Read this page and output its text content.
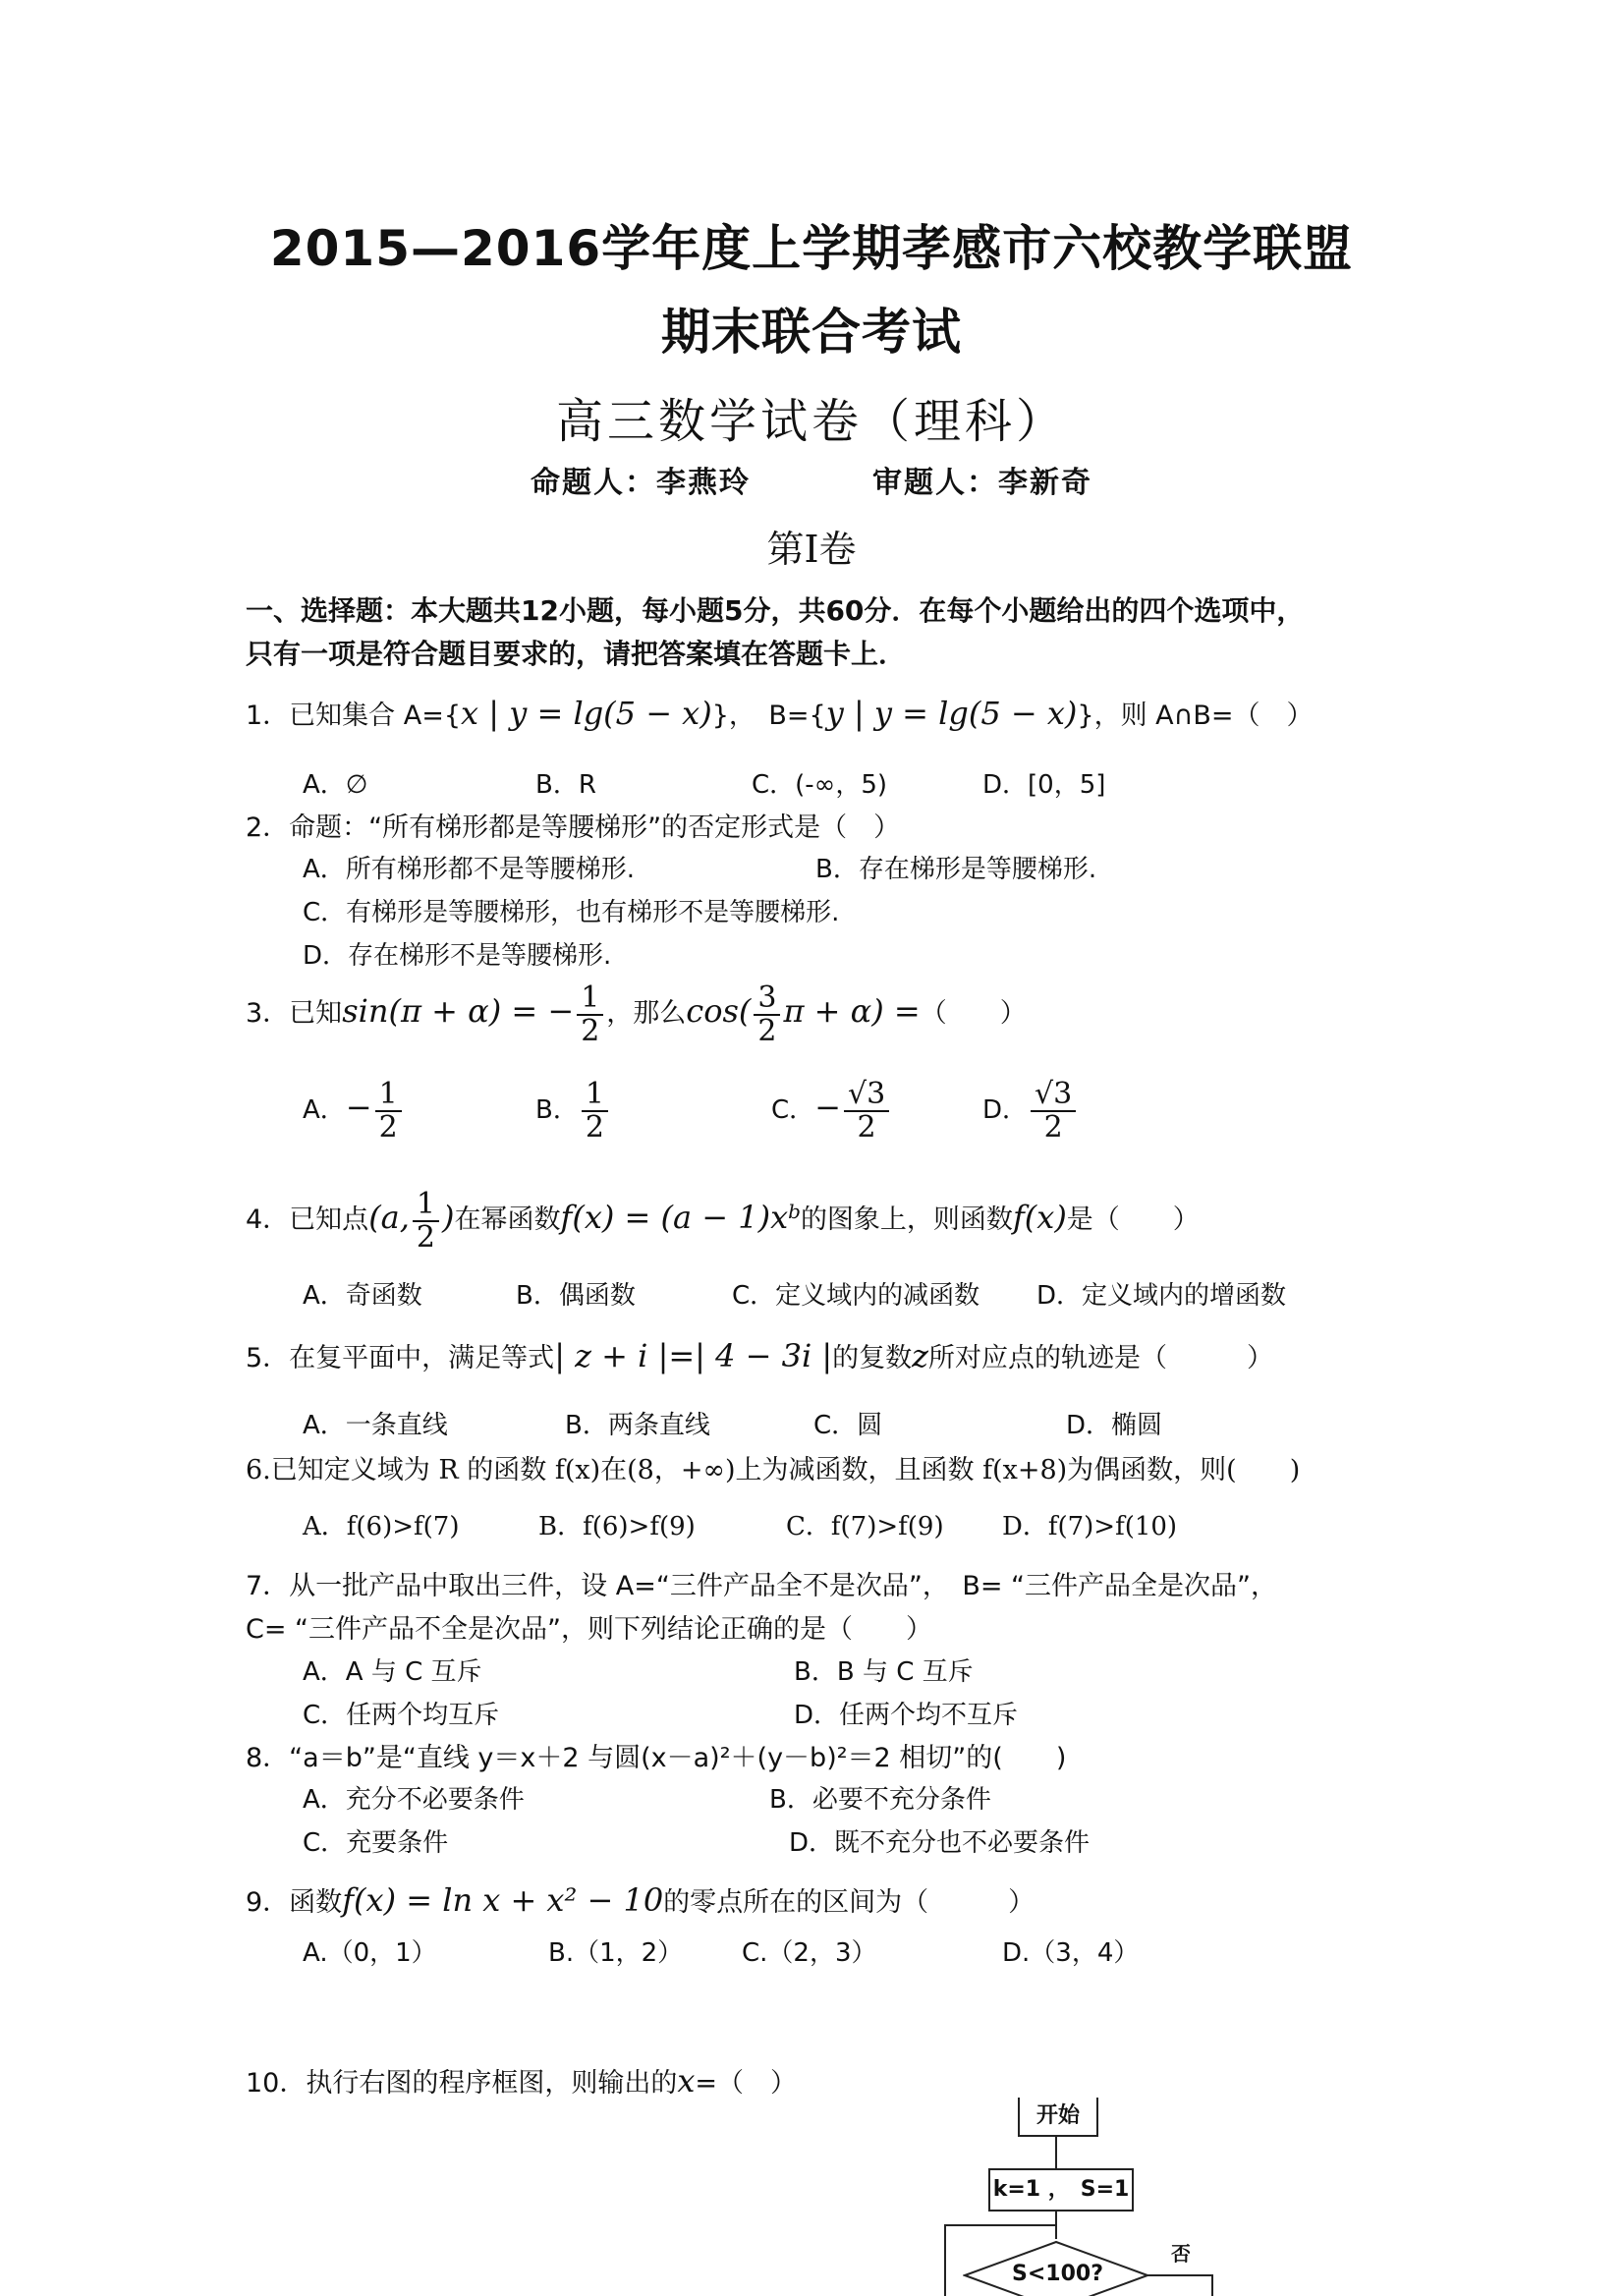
2015—2016学年度上学期孝感市六校教学联盟
期末联合考试
高三数学试卷（理科）
命题人：李燕玲	审题人：李新奇
第Ⅰ卷
一、选择题：本大题共12小题，每小题5分，共60分．在每个小题给出的四个选项中，
只有一项是符合题目要求的，请把答案填在答题卡上．
1．已知集合 A={x | y = lg(5 − x)}，　B={y | y = lg(5 − x)}，则 A∩B=（　）
A．∅	B．R	C．(-∞，5)	D．[0，5]
2．命题：“所有梯形都是等腰梯形”的否定形式是（　）
A．所有梯形都不是等腰梯形.	B．存在梯形是等腰梯形.
C．有梯形是等腰梯形，也有梯形不是等腰梯形.
D．存在梯形不是等腰梯形.
3．已知sin(π + α) = − $\frac{1}{2}$ ，那么$\cos( \frac{3}{2}$ π + α) =（　　）
A．− $\frac{1}{2}$	B． $\frac{1}{2}$	C．− $\frac{√3}{2}$	D． $\frac{√3}{2}$
4．已知点(a, $\frac{1}{2}$ )在幂函数$f(x) = (a - 1)x^b$的图象上，则函数f(x)是（　　）
A．奇函数	B．偶函数	C．定义域内的减函数 D．定义域内的增函数
5．在复平面中，满足等式| z + i |=| 4 − 3i |的复数z所对应点的轨迹是（　　　）
A．一条直线	B．两条直线	C．圆	D．椭圆
6.已知定义域为 R 的函数 f(x)在(8，+∞)上为减函数，且函数 f(x+8)为偶函数，则(　　)
A．f(6)>f(7)	B．f(6)>f(9)	C．f(7)>f(9) D．f(7)>f(10)
7．从一批产品中取出三件，设 A=“三件产品全不是次品”，　B= “三件产品全是次品”，
C= “三件产品不全是次品”，则下列结论正确的是（　　）
A．A 与 C 互斥	B．B 与 C 互斥
C．任两个均互斥	D．任两个均不互斥
8．“a＝b”是“直线 y＝x＋2 与圆(x－a)²＋(y－b)²＝2 相切”的(　　)
A．充分不必要条件	B．必要不充分条件
C．充要条件	D．既不充分也不必要条件
9．函数f(x) = ln x + x² − 10的零点所在的区间为（　　　）
A.（0，1）	B.（1，2） C.（2，3）	D.（3，4）
10．执行右图的程序框图，则输出的x=（　）
开始
k=1 ，　S=1
S<100?
否
